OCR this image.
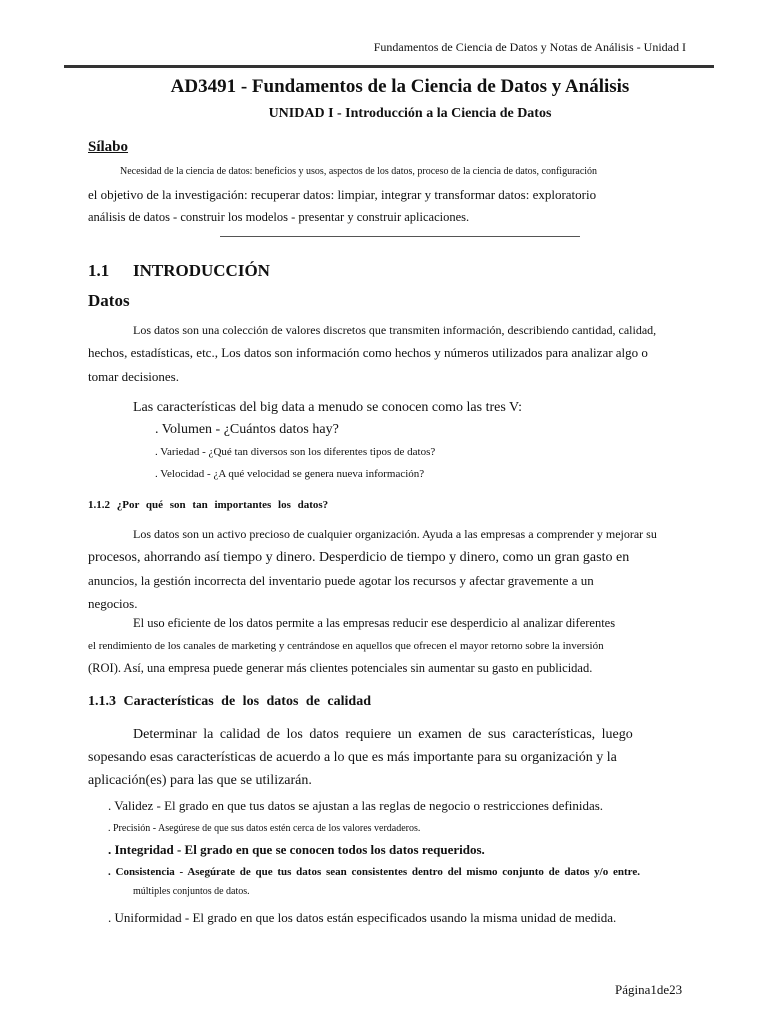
Fundamentos de Ciencia de Datos y Notas de Análisis - Unidad I
AD3491 - Fundamentos de la Ciencia de Datos y Análisis
UNIDAD I - Introducción a la Ciencia de Datos
Sílabo
Necesidad de la ciencia de datos: beneficios y usos, aspectos de los datos, proceso de la ciencia de datos, configuración
el objetivo de la investigación: recuperar datos: limpiar, integrar y transformar datos: exploratorio
análisis de datos - construir los modelos - presentar y construir aplicaciones.
1.1 INTRODUCCIÓN
Datos
Los datos son una colección de valores discretos que transmiten información, describiendo cantidad, calidad,
hechos, estadísticas, etc., Los datos son información como hechos y números utilizados para analizar algo o
tomar decisiones.
Las características del big data a menudo se conocen como las tres V:
. Volumen - ¿Cuántos datos hay?
. Variedad - ¿Qué tan diversos son los diferentes tipos de datos?
. Velocidad - ¿A qué velocidad se genera nueva información?
1.1.2 ¿Por qué son tan importantes los datos?
Los datos son un activo precioso de cualquier organización. Ayuda a las empresas a comprender y mejorar su
procesos, ahorrando así tiempo y dinero. Desperdicio de tiempo y dinero, como un gran gasto en
anuncios, la gestión incorrecta del inventario puede agotar los recursos y afectar gravemente a un
negocios.
El uso eficiente de los datos permite a las empresas reducir ese desperdicio al analizar diferentes
el rendimiento de los canales de marketing y centrándose en aquellos que ofrecen el mayor retorno sobre la inversión
(ROI). Así, una empresa puede generar más clientes potenciales sin aumentar su gasto en publicidad.
1.1.3 Características de los datos de calidad
Determinar la calidad de los datos requiere un examen de sus características, luego
sopesando esas características de acuerdo a lo que es más importante para su organización y la
aplicación(es) para las que se utilizarán.
. Validez - El grado en que tus datos se ajustan a las reglas de negocio o restricciones definidas.
. Precisión - Asegúrese de que sus datos estén cerca de los valores verdaderos.
. Integridad - El grado en que se conocen todos los datos requeridos.
. Consistencia - Asegúrate de que tus datos sean consistentes dentro del mismo conjunto de datos y/o entre.
múltiples conjuntos de datos.
. Uniformidad - El grado en que los datos están especificados usando la misma unidad de medida.
Página1de23
